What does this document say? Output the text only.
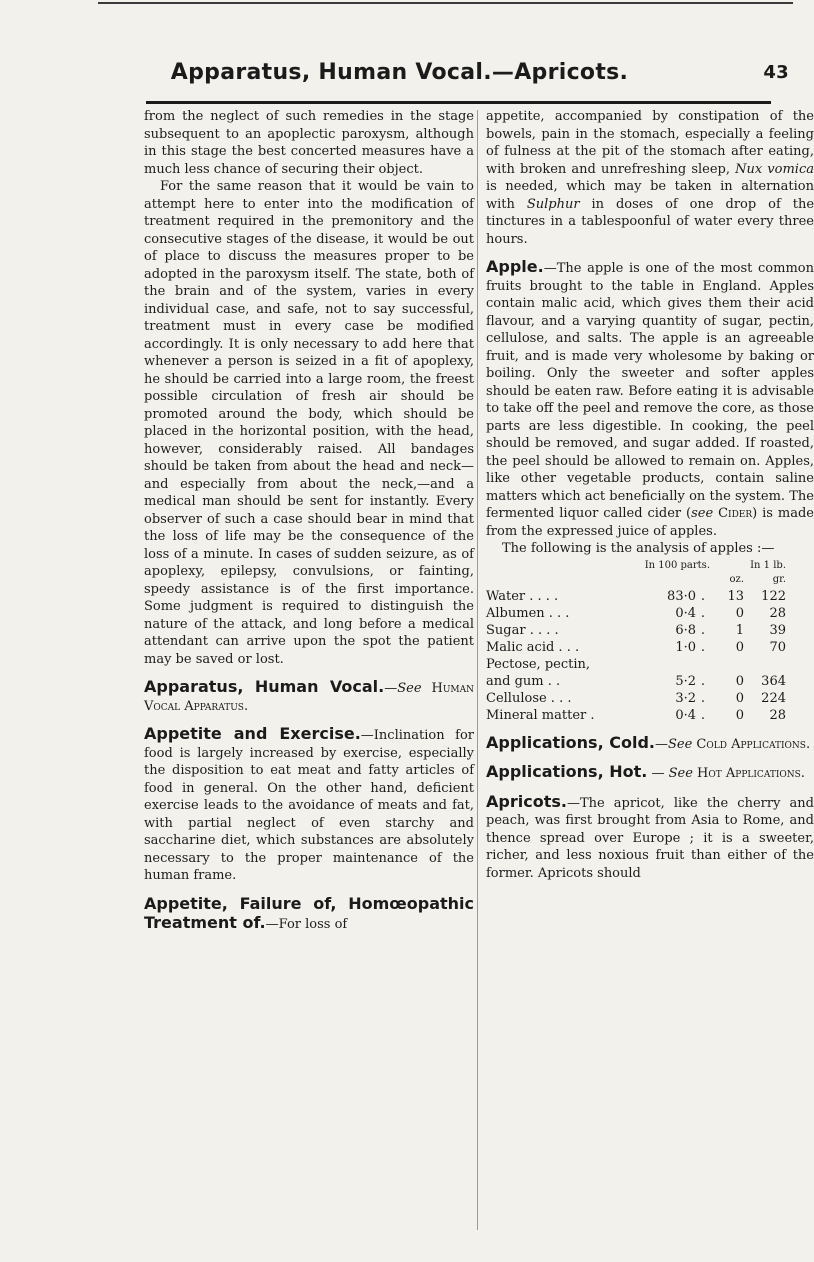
Apparatus, Human Vocal.—Apricots.	43

from the neglect of such remedies in the stage subsequent to an apoplectic paroxysm, although in this stage the best concerted measures have a much less chance of securing their object.

For the same reason that it would be vain to attempt here to enter into the modification of treatment required in the premonitory and the consecutive stages of the disease, it would be out of place to discuss the measures proper to be adopted in the paroxysm itself. The state, both of the brain and of the system, varies in every individual case, and safe, not to say successful, treatment must in every case be modified accordingly. It is only necessary to add here that whenever a person is seized in a fit of apoplexy, he should be carried into a large room, the freest possible circulation of fresh air should be promoted around the body, which should be placed in the horizontal position, with the head, however, considerably raised. All bandages should be taken from about the head and neck—and especially from about the neck,—and a medical man should be sent for instantly. Every observer of such a case should bear in mind that the loss of life may be the consequence of the loss of a minute. In cases of sudden seizure, as of apoplexy, epilepsy, convulsions, or fainting, speedy assistance is of the first importance. Some judgment is required to distinguish the nature of the attack, and long before a medical attendant can arrive upon the spot the patient may be saved or lost.

Apparatus, Human Vocal.—See Human Vocal Apparatus.

Appetite and Exercise.—Inclination for food is largely increased by exercise, especially the disposition to eat meat and fatty articles of food in general. On the other hand, deficient exercise leads to the avoidance of meats and fat, with partial neglect of even starchy and saccharine diet, which substances are absolutely necessary to the proper maintenance of the human frame.

Appetite, Failure of, Homœopathic Treatment of.—For loss of

appetite, accompanied by constipation of the bowels, pain in the stomach, especially a feeling of fulness at the pit of the stomach after eating, with broken and unrefreshing sleep, Nux vomica is needed, which may be taken in alternation with Sulphur in doses of one drop of the tinctures in a tablespoonful of water every three hours.

Apple.—The apple is one of the most common fruits brought to the table in England. Apples contain malic acid, which gives them their acid flavour, and a varying quantity of sugar, pectin, cellulose, and salts. The apple is an agreeable fruit, and is made very wholesome by baking or boiling. Only the sweeter and softer apples should be eaten raw. Before eating it is advisable to take off the peel and remove the core, as those parts are less digestible. In cooking, the peel should be removed, and sugar added. If roasted, the peel should be allowed to remain on. Apples, like other vegetable products, contain saline matters which act beneficially on the system. The fermented liquor called cider (see Cider) is made from the expressed juice of apples.

The following is the analysis of apples :—

	In 100 parts.		In 1 lb.	
			oz.	gr.
Water . . . .	83·0	.	13	122
Albumen . . .	0·4	.	0	28
Sugar . . . .	6·8	.	1	39
Malic acid . . .	1·0	.	0	70
Pectose, pectin,				
and gum . .	5·2	.	0	364
Cellulose . . .	3·2	.	0	224
Mineral matter .	0·4	.	0	28

Applications, Cold.—See Cold Applications.

Applications, Hot. — See Hot Applications.

Apricots.—The apricot, like the cherry and peach, was first brought from Asia to Rome, and thence spread over Europe ; it is a sweeter, richer, and less noxious fruit than either of the former. Apricots should
